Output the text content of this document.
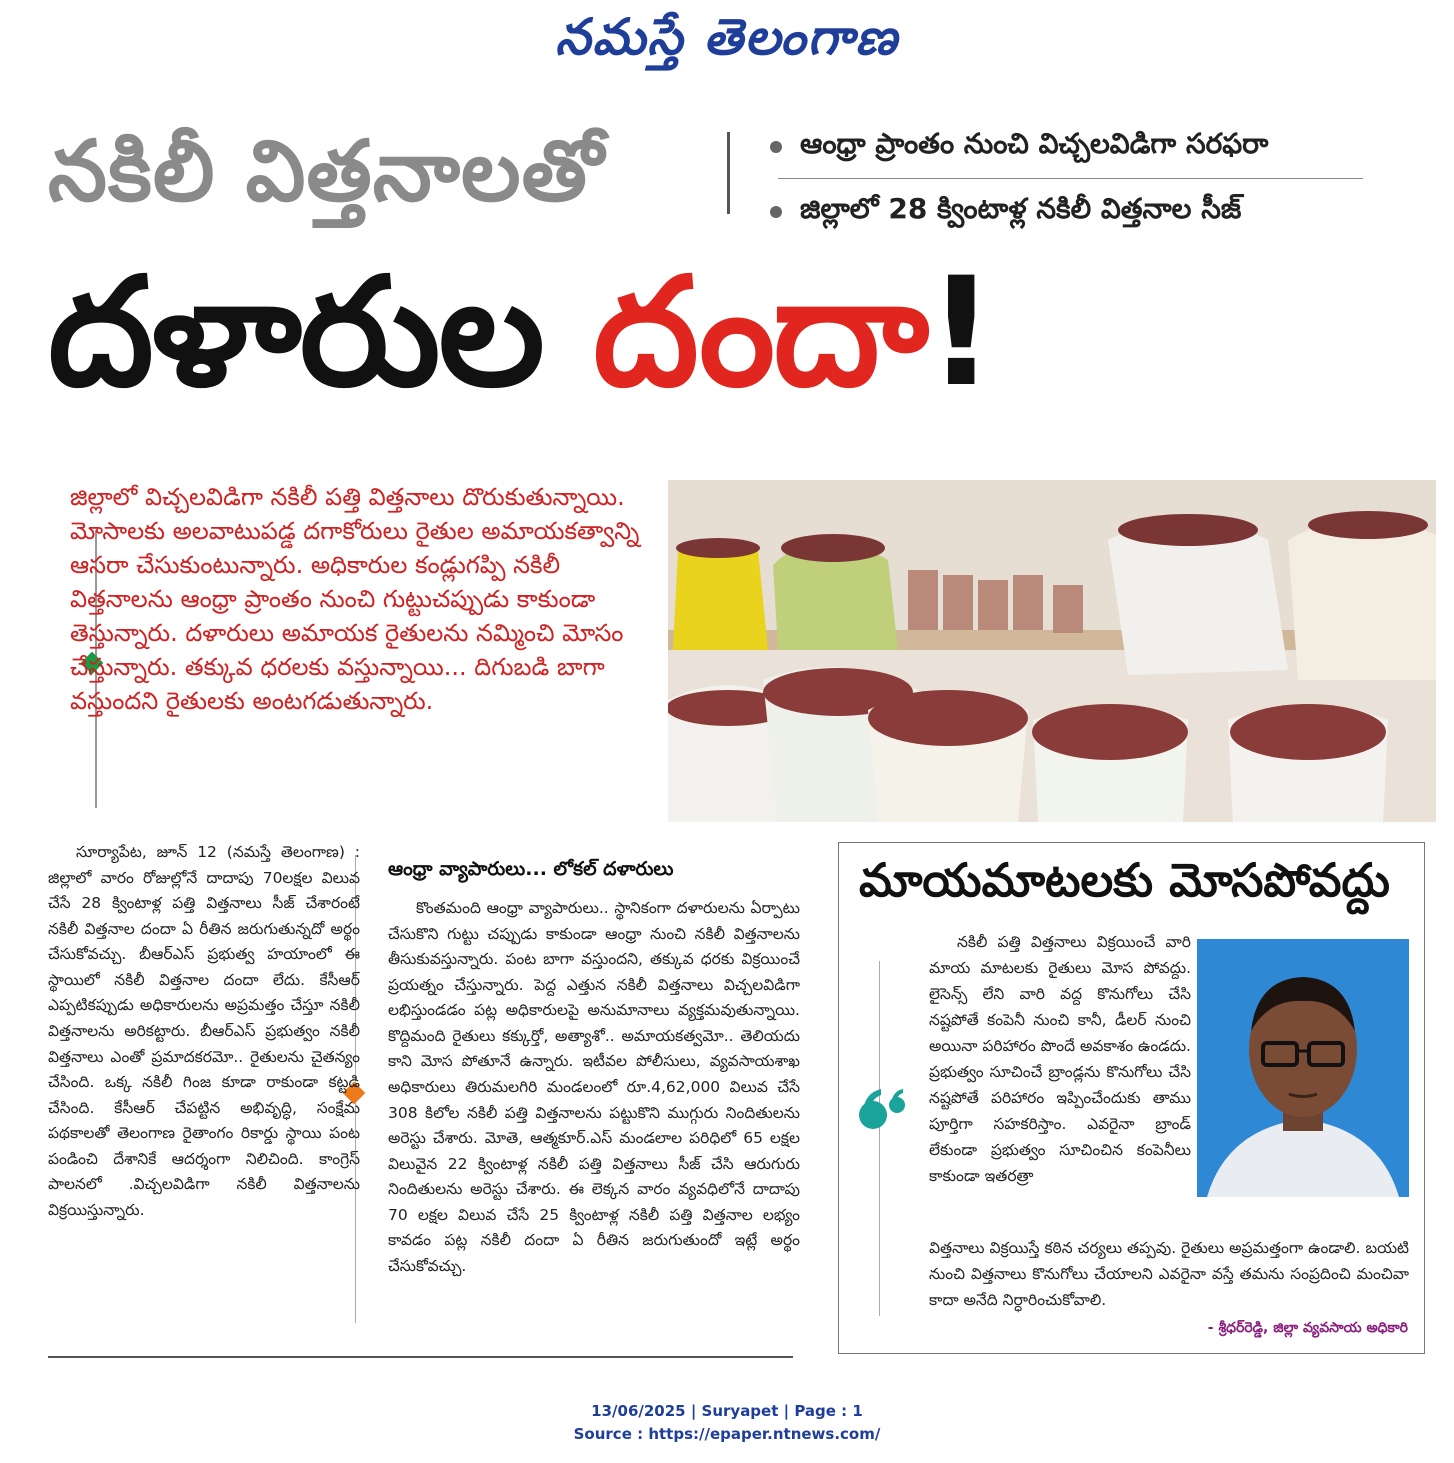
నమస్తే తెలంగాణ
నకిలీ విత్తనాలతో	ఆంధ్రా ప్రాంతం నుంచి విచ్చలవిడిగా సరఫరా
జిల్లాలో 28 క్వింటాళ్ల నకిలీ విత్తనాల సీజ్
దళారుల దందా!

జిల్లాలో విచ్చలవిడిగా నకిలీ పత్తి విత్తనాలు దొరుకుతున్నాయి. మోసాలకు అలవాటుపడ్డ దగాకోరులు రైతుల అమాయకత్వాన్ని ఆసరా చేసుకుంటున్నారు. అధికారుల కండ్లుగప్పి నకిలీ విత్తనాలను ఆంధ్రా ప్రాంతం నుంచి గుట్టుచప్పుడు కాకుండా తెస్తున్నారు. దళారులు అమాయక రైతులను నమ్మించి మోసం చేస్తున్నారు. తక్కువ ధరలకు వస్తున్నాయి... దిగుబడి బాగా వస్తుందని రైతులకు అంటగడుతున్నారు.

సూర్యాపేట, జూన్ 12 (నమస్తే తెలంగాణ) : జిల్లాలో వారం రోజుల్లోనే దాదాపు 70లక్షల విలువ చేసే 28 క్వింటాళ్ల పత్తి విత్తనాలు సీజ్ చేశారంటే నకిలీ విత్తనాల దందా ఏ రీతిన జరుగుతున్నదో అర్థం చేసుకోవచ్చు. బీఆర్ఎస్ ప్రభుత్వ హయాంలో ఈ స్థాయిలో నకిలీ విత్తనాల దందా లేదు. కేసీఆర్ ఎప్పటికప్పుడు అధికారులను అప్రమత్తం చేస్తూ నకిలీ విత్తనాలను అరికట్టారు. బీఆర్ఎస్ ప్రభుత్వం నకిలీ విత్తనాలు ఎంతో ప్రమాదకరమో.. రైతులను చైతన్యం చేసింది. ఒక్క నకిలీ గింజ కూడా రాకుండా కట్టడి చేసింది. కేసీఆర్ చేపట్టిన అభివృద్ధి, సంక్షేమ పథకాలతో తెలంగాణ రైతాంగం రికార్డు స్థాయి పంట పండించి దేశానికే ఆదర్శంగా నిలిచింది. కాంగ్రెస్ పాలనలో .విచ్చలవిడిగా నకిలీ విత్తనాలను విక్రయిస్తున్నారు.

ఆంధ్రా వ్యాపారులు... లోకల్ దళారులు

కొంతమంది ఆంధ్రా వ్యాపారులు.. స్థానికంగా దళారులను ఏర్పాటు చేసుకొని గుట్టు చప్పుడు కాకుండా ఆంధ్రా నుంచి నకిలీ విత్తనాలను తీసుకువస్తున్నారు. పంట బాగా వస్తుందని, తక్కువ ధరకు విక్రయించే ప్రయత్నం చేస్తున్నారు. పెద్ద ఎత్తున నకిలీ విత్తనాలు విచ్చలవిడిగా లభిస్తుండడం పట్ల అధికారులపై అనుమానాలు వ్యక్తమవుతున్నాయి. కొద్దిమంది రైతులు కక్కుర్తో, అత్యాశో.. అమాయకత్వమో.. తెలియదు కాని మోస పోతూనే ఉన్నారు. ఇటీవల పోలీసులు, వ్యవసాయశాఖ అధికారులు తిరుమలగిరి మండలంలో రూ.4,62,000 విలువ చేసే 308 కిలోల నకిలీ పత్తి విత్తనాలను పట్టుకొని ముగ్గురు నిందితులను అరెస్టు చేశారు. మోతె, ఆత్మకూర్.ఎస్ మండలాల పరిధిలో 65 లక్షల విలువైన 22 క్వింటాళ్ల నకిలీ పత్తి విత్తనాలు సీజ్ చేసి ఆరుగురు నిందితులను అరెస్టు చేశారు. ఈ లెక్కన వారం వ్యవధిలోనే దాదాపు 70 లక్షల విలువ చేసే 25 క్వింటాళ్ల నకిలీ పత్తి విత్తనాల లభ్యం కావడం పట్ల నకిలీ దందా ఏ రీతిన జరుగుతుందో ఇట్లే అర్థం చేసుకోవచ్చు.

మాయమాటలకు మోసపోవద్దు
నకిలీ పత్తి విత్తనాలు విక్రయించే వారి మాయ మాటలకు రైతులు మోస పోవద్దు. లైసెన్స్ లేని వారి వద్ద కొనుగోలు చేసి నష్టపోతే కంపెనీ నుంచి కానీ, డీలర్ నుంచి అయినా పరిహారం పొందే అవకాశం ఉండదు. ప్రభుత్వం సూచించే బ్రాండ్లను కొనుగోలు చేసి నష్టపోతే పరిహారం ఇప్పించేందుకు తాము పూర్తిగా సహకరిస్తాం. ఎవరైనా బ్రాండ్ లేకుండా ప్రభుత్వం సూచించిన కంపెనీలు కాకుండా ఇతరత్రా
విత్తనాలు విక్రయిస్తే కఠిన చర్యలు తప్పవు. రైతులు అప్రమత్తంగా ఉండాలి. బయటి నుంచి విత్తనాలు కొనుగోలు చేయాలని ఎవరైనా వస్తే తమను సంప్రదించి మంచివా కాదా అనేది నిర్ధారించుకోవాలి.
- శ్రీధర్‌రెడ్డి, జిల్లా వ్యవసాయ అధికారి
13/06/2025 | Suryapet | Page : 1
Source : https://epaper.ntnews.com/
